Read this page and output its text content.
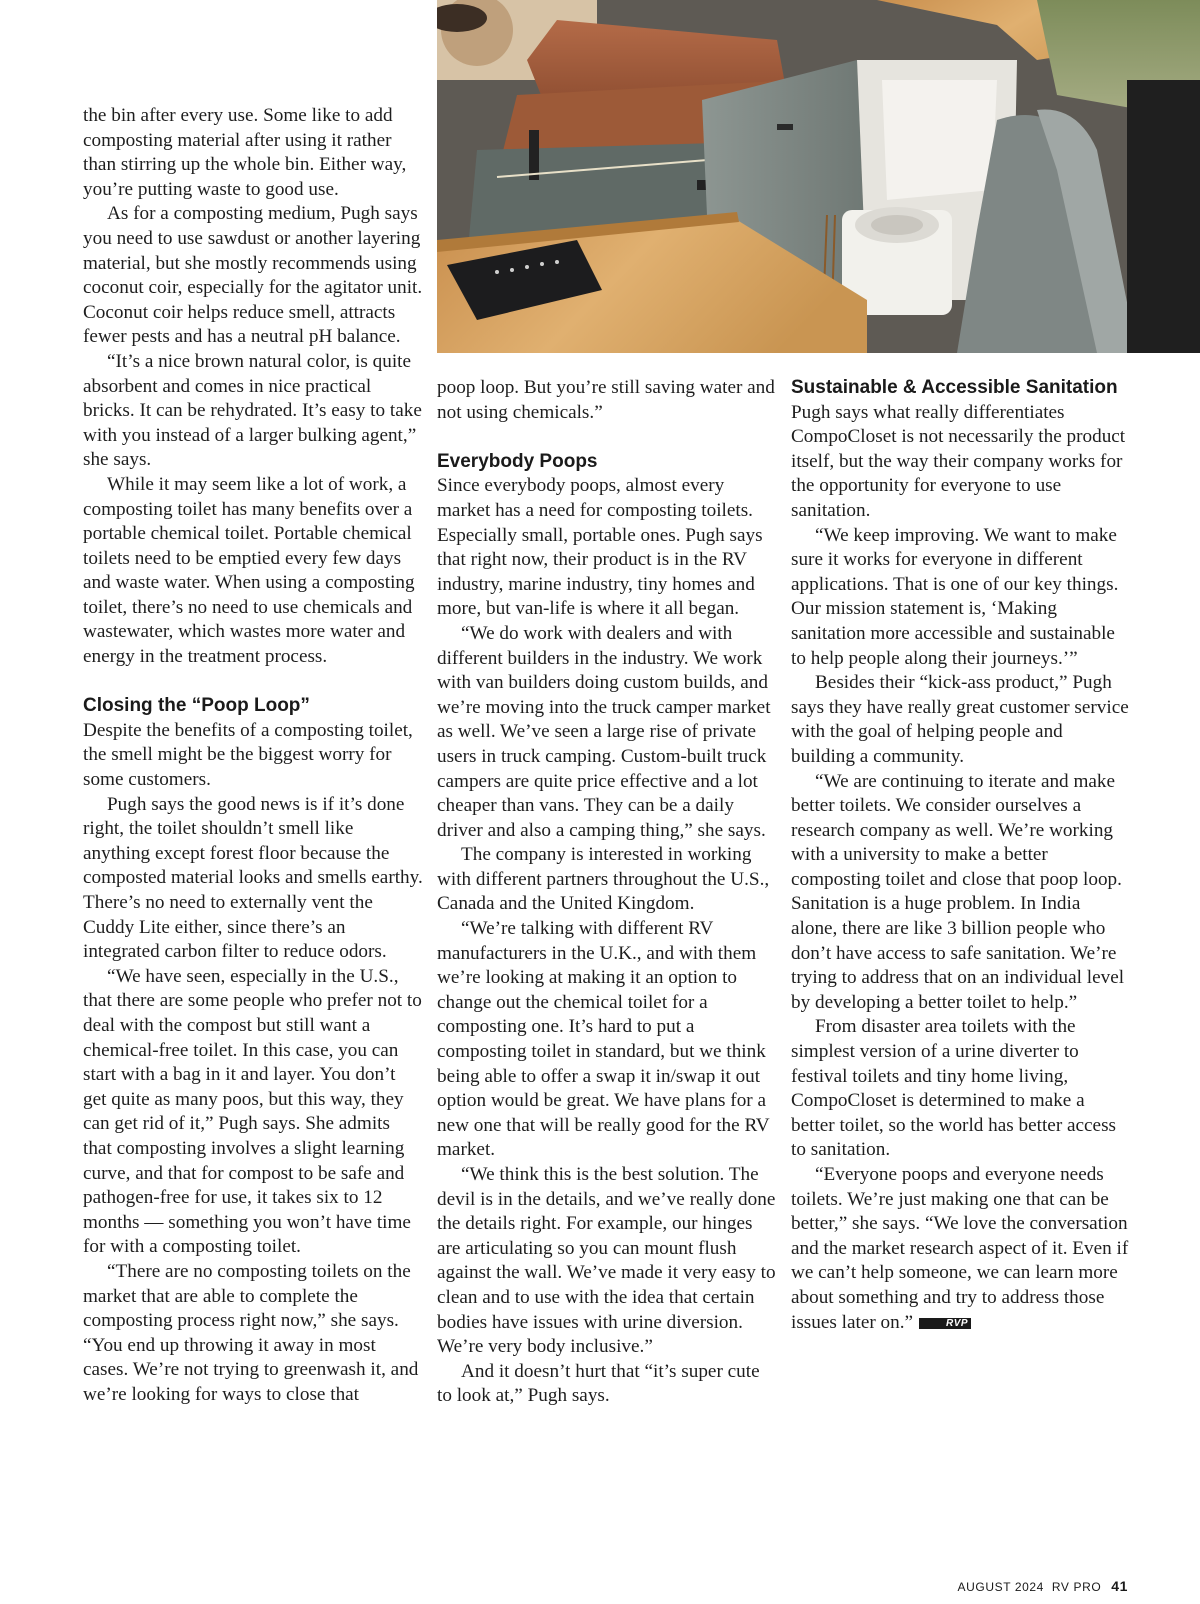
the bin after every use. Some like to add composting material after using it rather than stirring up the whole bin. Either way, you’re putting waste to good use.

As for a composting medium, Pugh says you need to use sawdust or another layering material, but she mostly recommends using coconut coir, especially for the agitator unit. Coconut coir helps reduce smell, attracts fewer pests and has a neutral pH balance.

“It’s a nice brown natural color, is quite absorbent and comes in nice practical bricks. It can be rehydrated. It’s easy to take with you instead of a larger bulking agent,” she says.

While it may seem like a lot of work, a composting toilet has many benefits over a portable chemical toilet. Portable chemical toilets need to be emptied every few days and waste water. When using a composting toilet, there’s no need to use chemicals and wastewater, which wastes more water and energy in the treatment process.

Closing the “Poop Loop”

Despite the benefits of a composting toilet, the smell might be the biggest worry for some customers.

Pugh says the good news is if it’s done right, the toilet shouldn’t smell like anything except forest floor because the composted material looks and smells earthy. There’s no need to externally vent the Cuddy Lite either, since there’s an integrated carbon filter to reduce odors.

“We have seen, especially in the U.S., that there are some people who prefer not to deal with the compost but still want a chemical-free toilet. In this case, you can start with a bag in it and layer. You don’t get quite as many poos, but this way, they can get rid of it,” Pugh says. She admits that composting involves a slight learning curve, and that for compost to be safe and pathogen-free for use, it takes six to 12 months — something you won’t have time for with a composting toilet.

“There are no composting toilets on the market that are able to complete the composting process right now,” she says. “You end up throwing it away in most cases. We’re not trying to greenwash it, and we’re looking for ways to close that

poop loop. But you’re still saving water and not using chemicals.”

Everybody Poops

Since everybody poops, almost every market has a need for composting toilets. Especially small, portable ones. Pugh says that right now, their product is in the RV industry, marine industry, tiny homes and more, but van-life is where it all began.

“We do work with dealers and with different builders in the industry. We work with van builders doing custom builds, and we’re moving into the truck camper market as well. We’ve seen a large rise of private users in truck camping. Custom-built truck campers are quite price effective and a lot cheaper than vans. They can be a daily driver and also a camping thing,” she says.

The company is interested in working with different partners throughout the U.S., Canada and the United Kingdom.

“We’re talking with different RV manufacturers in the U.K., and with them we’re looking at making it an option to change out the chemical toilet for a composting one. It’s hard to put a composting toilet in standard, but we think being able to offer a swap it in/swap it out option would be great. We have plans for a new one that will be really good for the RV market.

“We think this is the best solution. The devil is in the details, and we’ve really done the details right. For example, our hinges are articulating so you can mount flush against the wall. We’ve made it very easy to clean and to use with the idea that certain bodies have issues with urine diversion. We’re very body inclusive.”

And it doesn’t hurt that “it’s super cute to look at,” Pugh says.

Sustainable & Accessible Sanitation

Pugh says what really differentiates CompoCloset is not necessarily the product itself, but the way their company works for the opportunity for everyone to use sanitation.

“We keep improving. We want to make sure it works for everyone in different applications. That is one of our key things. Our mission statement is, ‘Making sanitation more accessible and sustainable to help people along their journeys.’”

Besides their “kick-ass product,” Pugh says they have really great customer service with the goal of helping people and building a community.

“We are continuing to iterate and make better toilets. We consider ourselves a research company as well. We’re working with a university to make a better composting toilet and close that poop loop. Sanitation is a huge problem. In India alone, there are like 3 billion people who don’t have access to safe sanitation. We’re trying to address that on an individual level by developing a better toilet to help.”

From disaster area toilets with the simplest version of a urine diverter to festival toilets and tiny home living, CompoCloset is determined to make a better toilet, so the world has better access to sanitation.

“Everyone poops and everyone needs toilets. We’re just making one that can be better,” she says. “We love the conversation and the market research aspect of it. Even if we can’t help someone, we can learn more about something and try to address those issues later on.”	RVP

AUGUST 2024 RV PRO 41
